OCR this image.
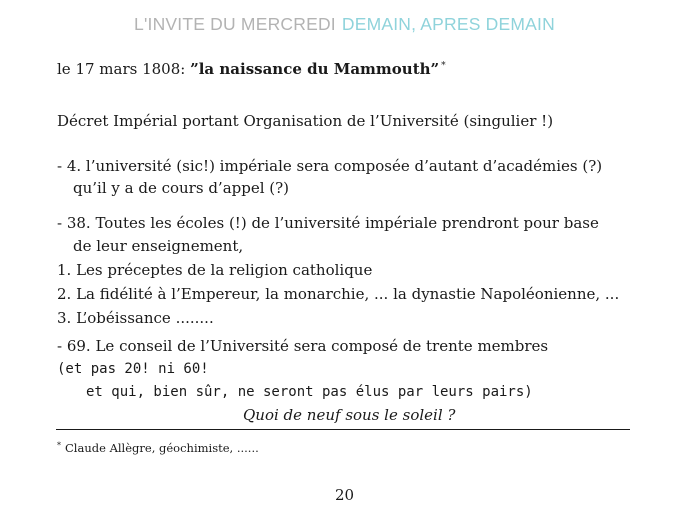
L'INVITE DU MERCREDI DEMAIN, APRES DEMAIN
le 17 mars 1808: ”la naissance du Mammouth” *
Décret Impérial portant Organisation de l’Université (singulier !)
- 4. l’université (sic!) impériale sera composée d’autant d’académies (?)
qu’il y a de cours d’appel (?)
- 38. Toutes les écoles (!) de l’université impériale prendront pour base
de leur enseignement,
1. Les préceptes de la religion catholique
2. La fidélité à l’Empereur, la monarchie, ... la dynastie Napoléonienne, ...
3. L’obéissance ........
- 69. Le conseil de l’Université sera composé de trente membres
(et pas 20! ni 60!
et qui, bien sûr, ne seront pas élus par leurs pairs)
Quoi de neuf sous le soleil ?
* Claude Allègre, géochimiste, ......
20
